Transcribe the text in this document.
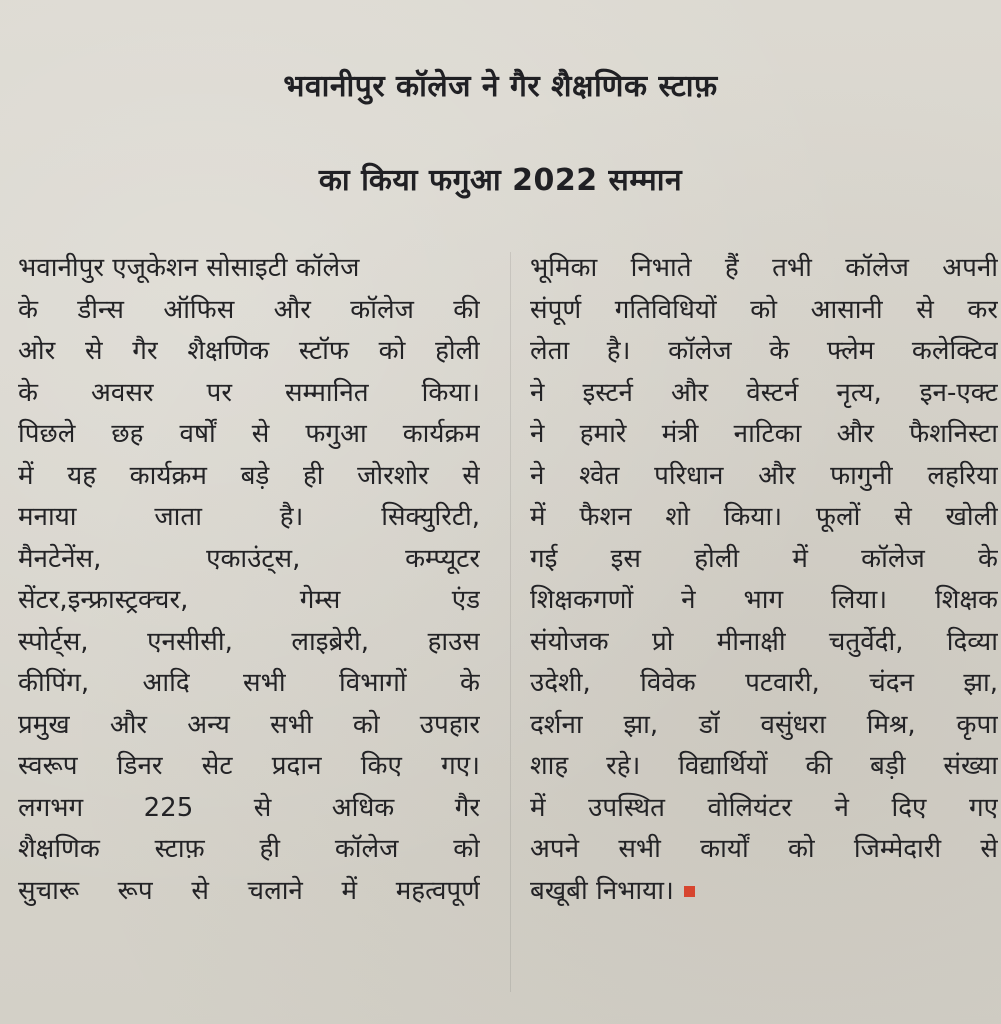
भवानीपुर कॉलेज ने गैर शैक्षणिक स्टाफ़
का किया फगुआ 2022 सम्मान
भवानीपुर एजूकेशन सोसाइटी कॉलेज
के डीन्स ऑफिस और कॉलेज की
ओर से गैर शैक्षणिक स्टॉफ को होली
के अवसर पर सम्मानित किया।
पिछले छह वर्षों से फगुआ कार्यक्रम
में यह कार्यक्रम बड़े ही जोरशोर से
मनाया जाता है। सिक्युरिटी,
मैनटेनेंस, एकाउंट्स, कम्प्यूटर
सेंटर,इन्फ्रास्ट्रक्चर, गेम्स एंड
स्पोर्ट्स, एनसीसी, लाइब्रेरी, हाउस
कीपिंग, आदि सभी विभागों के
प्रमुख और अन्य सभी को उपहार
स्वरूप डिनर सेट प्रदान किए गए।
लगभग 225 से अधिक गैर
शैक्षणिक स्टाफ़ ही कॉलेज को
सुचारू रूप से चलाने में महत्वपूर्ण
भूमिका निभाते हैं तभी कॉलेज अपनी
संपूर्ण गतिविधियों को आसानी से कर
लेता है। कॉलेज के फ्लेम कलेक्टिव
ने इस्टर्न और वेस्टर्न नृत्य, इन-एक्ट
ने हमारे मंत्री नाटिका और फैशनिस्टा
ने श्वेत परिधान और फागुनी लहरिया
में फैशन शो किया। फूलों से खोली
गई इस होली में कॉलेज के
शिक्षकगणों ने भाग लिया। शिक्षक
संयोजक प्रो मीनाक्षी चतुर्वेदी, दिव्या
उदेशी, विवेक पटवारी, चंदन झा,
दर्शना झा, डॉ वसुंधरा मिश्र, कृपा
शाह रहे। विद्यार्थियों की बड़ी संख्या
में उपस्थित वोलियंटर ने दिए गए
अपने सभी कार्यों को जिम्मेदारी से
बखूबी निभाया।
